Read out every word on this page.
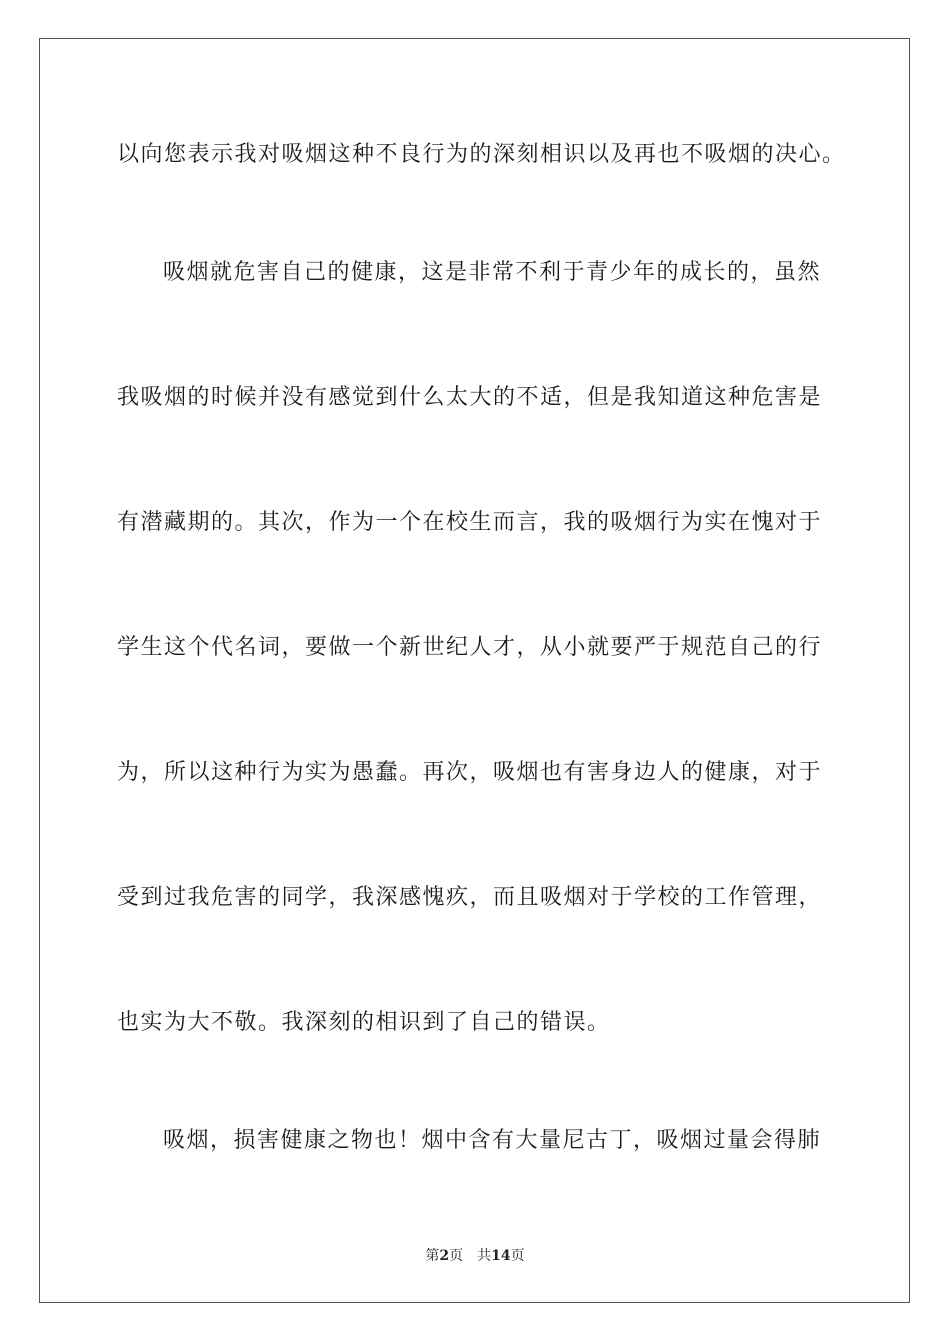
以向您表示我对吸烟这种不良行为的深刻相识以及再也不吸烟的决心。
吸烟就危害自己的健康，这是非常不利于青少年的成长的，虽然
我吸烟的时候并没有感觉到什么太大的不适，但是我知道这种危害是
有潜藏期的。其次，作为一个在校生而言，我的吸烟行为实在愧对于
学生这个代名词，要做一个新世纪人才，从小就要严于规范自己的行
为，所以这种行为实为愚蠢。再次，吸烟也有害身边人的健康，对于
受到过我危害的同学，我深感愧疚，而且吸烟对于学校的工作管理，
也实为大不敬。我深刻的相识到了自己的错误。
吸烟，损害健康之物也！烟中含有大量尼古丁，吸烟过量会得肺
第2页 共14页
